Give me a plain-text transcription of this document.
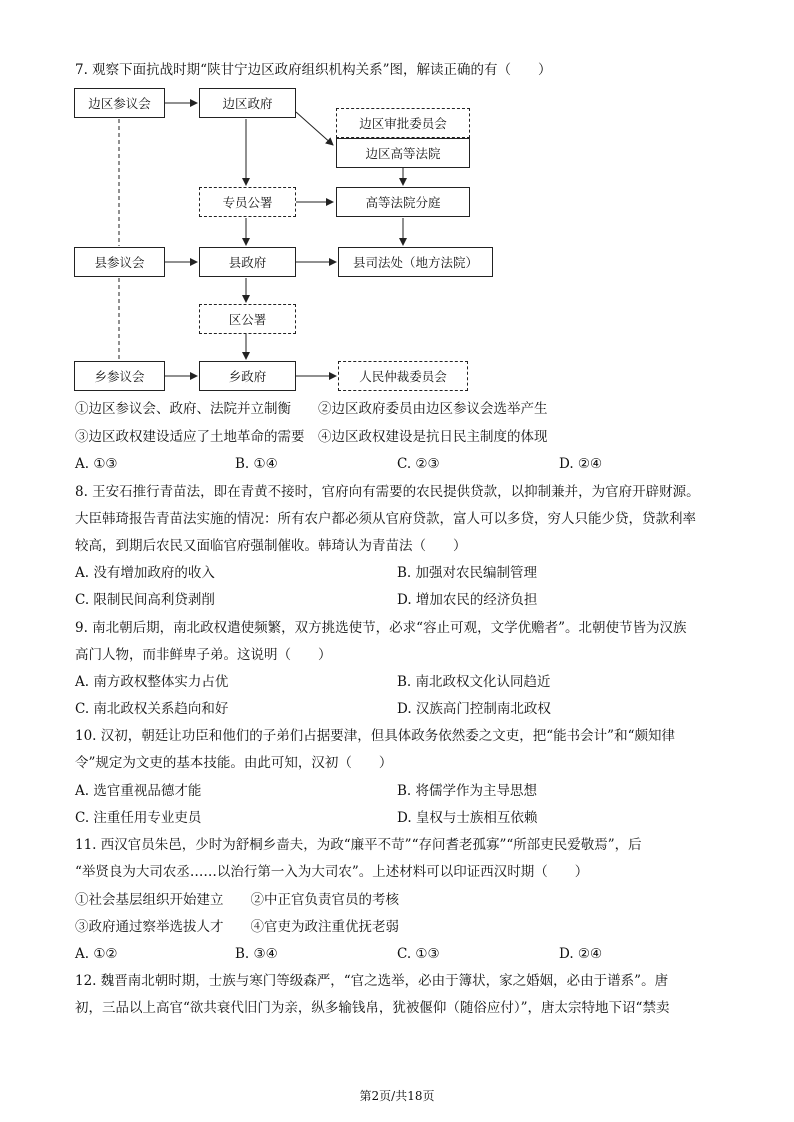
7. 观察下面抗战时期“陕甘宁边区政府组织机构关系”图，解读正确的有（　　）
边区参议会	边区政府
边区审批委员会
边区高等法院
专员公署	高等法院分庭
县参议会	县政府	县司法处（地方法院）
区公署
乡参议会	乡政府	人民仲裁委员会
①边区参议会、政府、法院并立制衡　　②边区政府委员由边区参议会选举产生
③边区政权建设适应了土地革命的需要　④边区政权建设是抗日民主制度的体现
A. ①③	B. ①④	C. ②③	D. ②④
8. 王安石推行青苗法，即在青黄不接时，官府向有需要的农民提供贷款，以抑制兼并，为官府开辟财源。
大臣韩琦报告青苗法实施的情况：所有农户都必须从官府贷款，富人可以多贷，穷人只能少贷，贷款利率
较高，到期后农民又面临官府强制催收。韩琦认为青苗法（　　）
A. 没有增加政府的收入	B. 加强对农民编制管理
C. 限制民间高利贷剥削	D. 增加农民的经济负担
9. 南北朝后期，南北政权遣使频繁，双方挑选使节，必求“容止可观，文学优赡者”。北朝使节皆为汉族
高门人物，而非鲜卑子弟。这说明（　　）
A. 南方政权整体实力占优	B. 南北政权文化认同趋近
C. 南北政权关系趋向和好	D. 汉族高门控制南北政权
10. 汉初，朝廷让功臣和他们的子弟们占据要津，但具体政务依然委之文吏，把“能书会计”和“颇知律
令”规定为文吏的基本技能。由此可知，汉初（　　）
A. 选官重视品德才能	B. 将儒学作为主导思想
C. 注重任用专业吏员	D. 皇权与士族相互依赖
11. 西汉官员朱邑，少时为舒桐乡啬夫，为政“廉平不苛”“存问耆老孤寡”“所部吏民爱敬焉”，后
“举贤良为大司农丞……以治行第一入为大司农”。上述材料可以印证西汉时期（　　）
①社会基层组织开始建立　　②中正官负责官员的考核
③政府通过察举选拔人才　　④官吏为政注重优抚老弱
A. ①②	B. ③④	C. ①③	D. ②④
12. 魏晋南北朝时期，士族与寒门等级森严，“官之选举，必由于簿状，家之婚姻，必由于谱系”。唐
初，三品以上高官“欲共衰代旧门为亲，纵多输钱帛，犹被偃仰（随俗应付）”，唐太宗特地下诏“禁卖
第2页/共18页
